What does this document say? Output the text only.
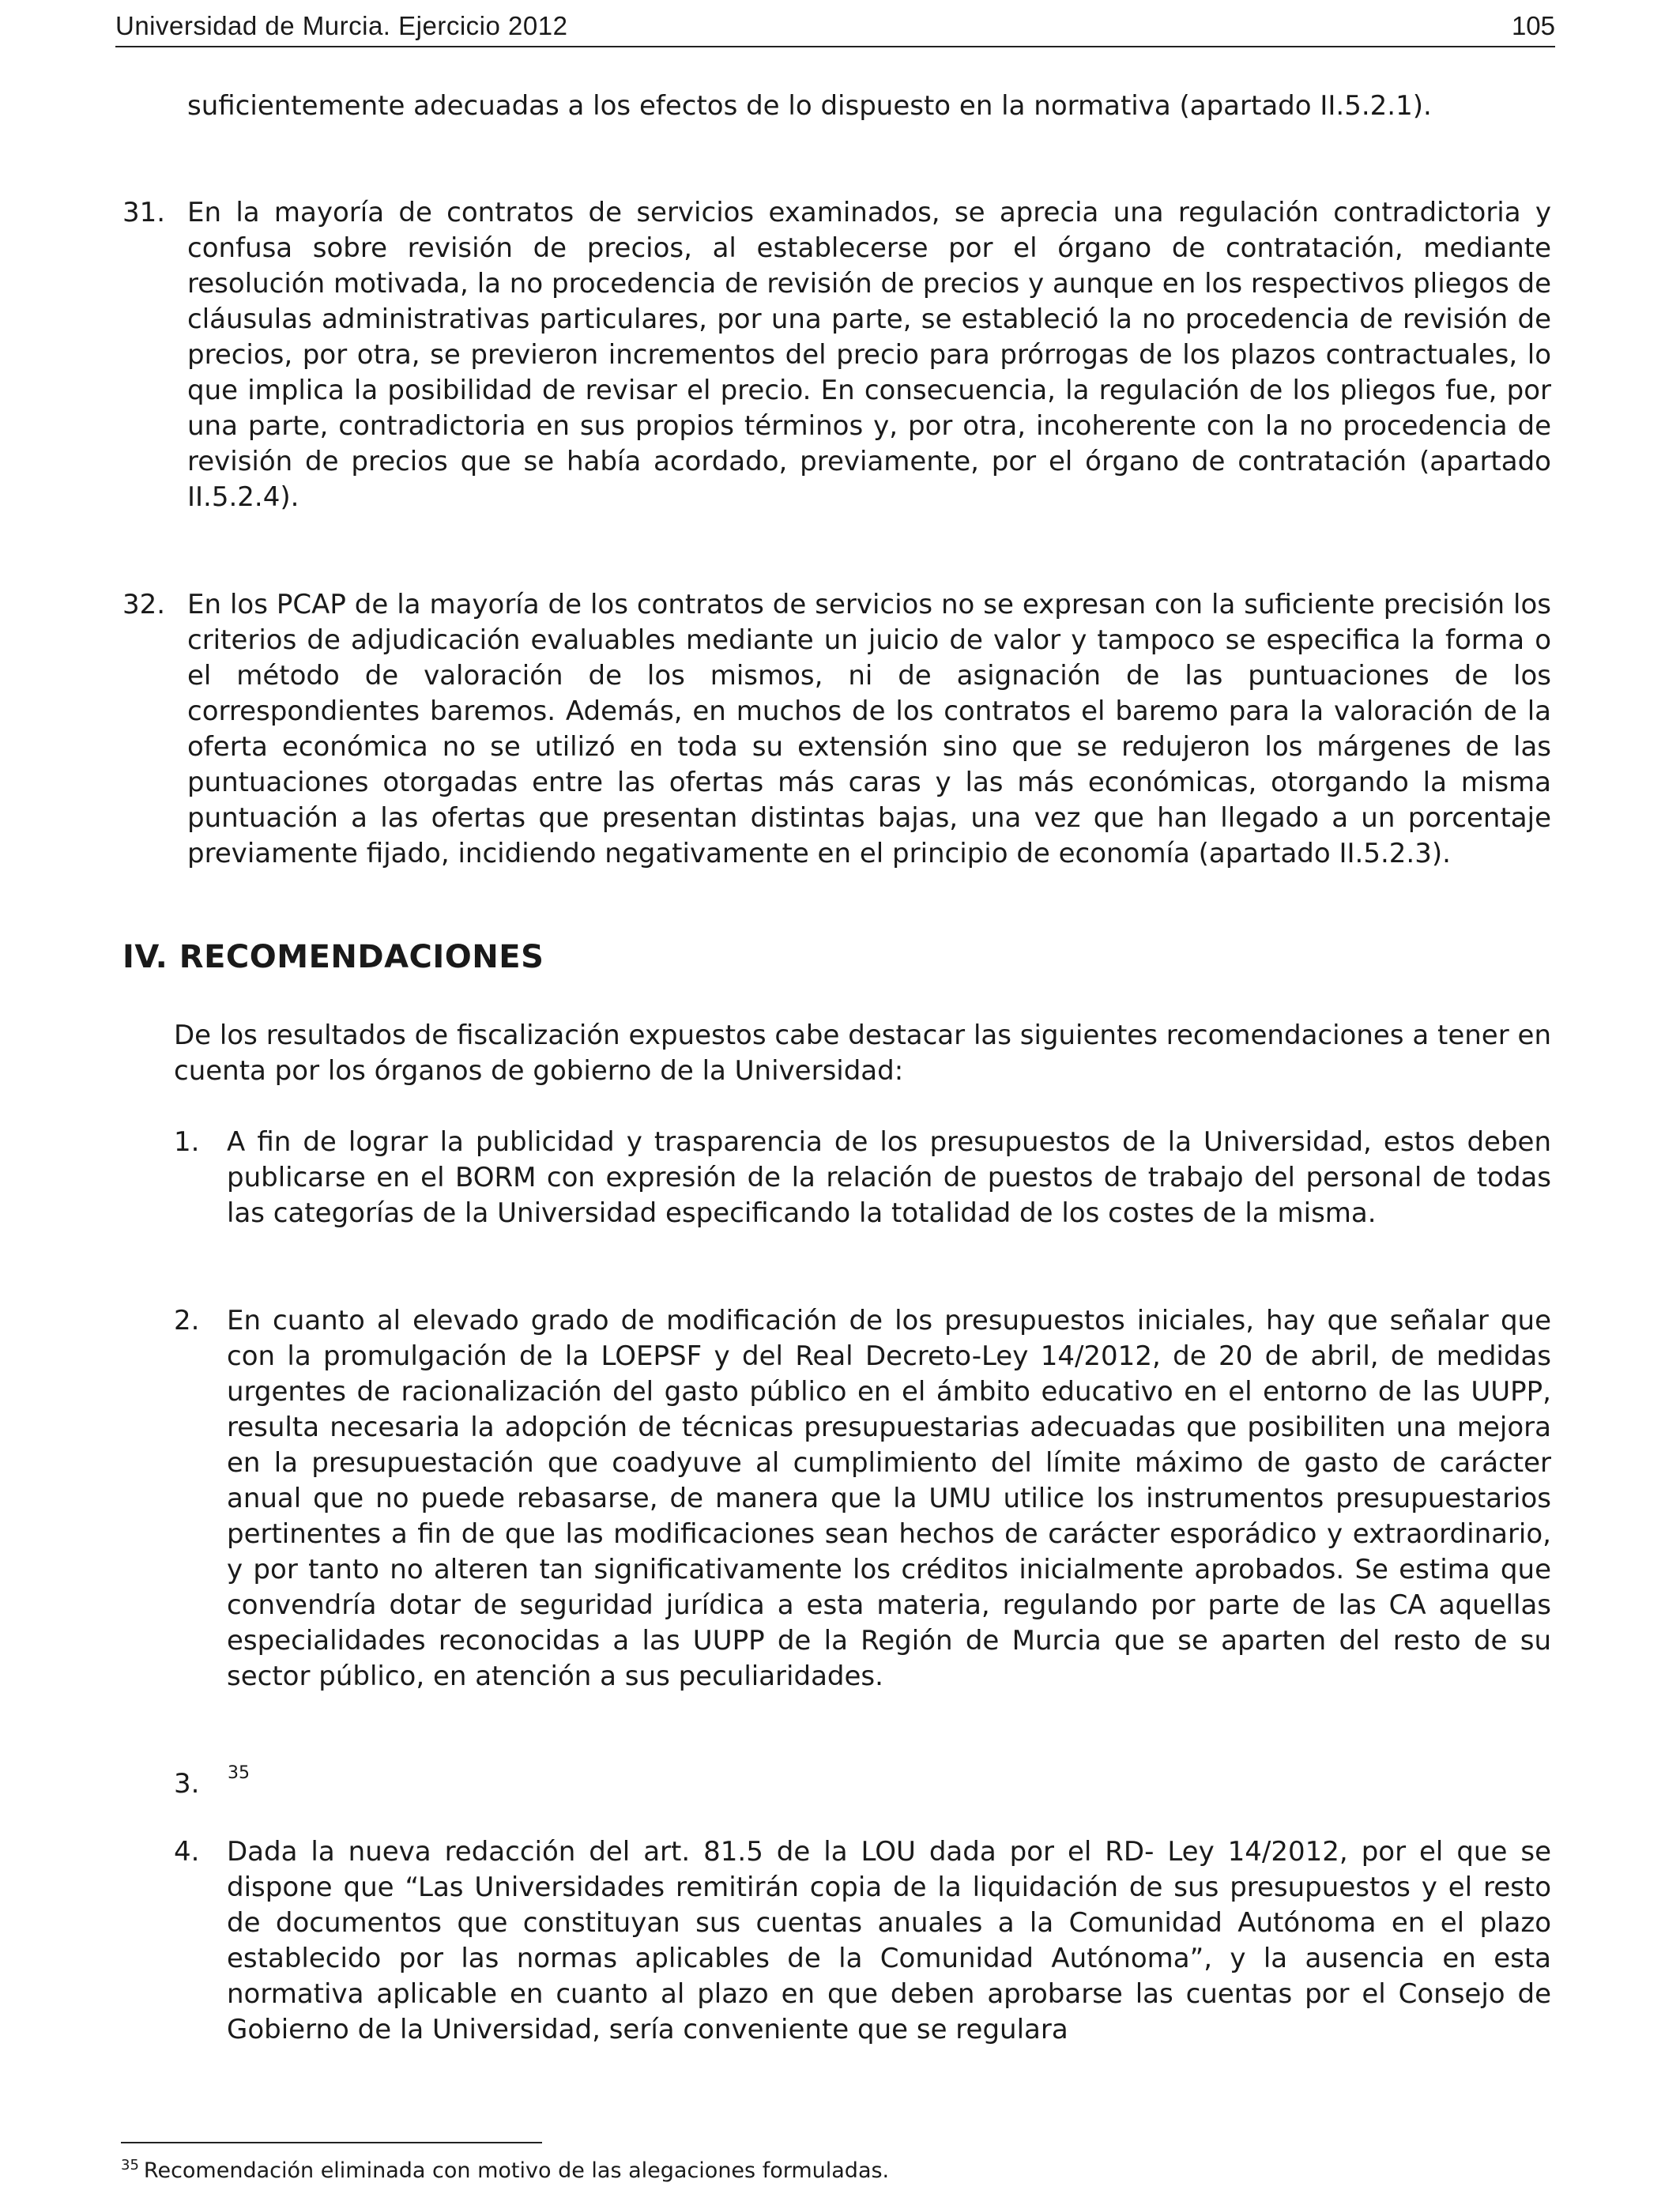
Universidad de Murcia. Ejercicio 2012	105
suficientemente adecuadas a los efectos de lo dispuesto en la normativa (apartado II.5.2.1).
31. En la mayoría de contratos de servicios examinados, se aprecia una regulación contradictoria y confusa sobre revisión de precios, al establecerse por el órgano de contratación, mediante resolución motivada, la no procedencia de revisión de precios y aunque en los respectivos pliegos de cláusulas administrativas particulares, por una parte, se estableció la no procedencia de revisión de precios, por otra, se previeron incrementos del precio para prórrogas de los plazos contractuales, lo que implica la posibilidad de revisar el precio. En consecuencia, la regulación de los pliegos fue, por una parte, contradictoria en sus propios términos y, por otra, incoherente con la no procedencia de revisión de precios que se había acordado, previamente, por el órgano de contratación (apartado II.5.2.4).
32. En los PCAP de la mayoría de los contratos de servicios no se expresan con la suficiente precisión los criterios de adjudicación evaluables mediante un juicio de valor y tampoco se especifica la forma o el método de valoración de los mismos, ni de asignación de las puntuaciones de los correspondientes baremos. Además, en muchos de los contratos el baremo para la valoración de la oferta económica no se utilizó en toda su extensión sino que se redujeron los márgenes de las puntuaciones otorgadas entre las ofertas más caras y las más económicas, otorgando la misma puntuación a las ofertas que presentan distintas bajas, una vez que han llegado a un porcentaje previamente fijado, incidiendo negativamente en el principio de economía (apartado II.5.2.3).
IV. RECOMENDACIONES
De los resultados de fiscalización expuestos cabe destacar las siguientes recomendaciones a tener en cuenta por los órganos de gobierno de la Universidad:
1. A fin de lograr la publicidad y trasparencia de los presupuestos de la Universidad, estos deben publicarse en el BORM con expresión de la relación de puestos de trabajo del personal de todas las categorías de la Universidad especificando la totalidad de los costes de la misma.
2. En cuanto al elevado grado de modificación de los presupuestos iniciales, hay que señalar que con la promulgación de la LOEPSF y del Real Decreto-Ley 14/2012, de 20 de abril, de medidas urgentes de racionalización del gasto público en el ámbito educativo en el entorno de las UUPP, resulta necesaria la adopción de técnicas presupuestarias adecuadas que posibiliten una mejora en la presupuestación que coadyuve al cumplimiento del límite máximo de gasto de carácter anual que no puede rebasarse, de manera que la UMU utilice los instrumentos presupuestarios pertinentes a fin de que las modificaciones sean hechos de carácter esporádico y extraordinario, y por tanto no alteren tan significativamente los créditos inicialmente aprobados. Se estima que convendría dotar de seguridad jurídica a esta materia, regulando por parte de las CA aquellas especialidades reconocidas a las UUPP de la Región de Murcia que se aparten del resto de su sector público, en atención a sus peculiaridades.
3. 35
4. Dada la nueva redacción del art. 81.5 de la LOU dada por el RD- Ley 14/2012, por el que se dispone que “Las Universidades remitirán copia de la liquidación de sus presupuestos y el resto de documentos que constituyan sus cuentas anuales a la Comunidad Autónoma en el plazo establecido por las normas aplicables de la Comunidad Autónoma”, y la ausencia en esta normativa aplicable en cuanto al plazo en que deben aprobarse las cuentas por el Consejo de Gobierno de la Universidad, sería conveniente que se regulara
$^{35}$ Recomendación eliminada con motivo de las alegaciones formuladas.
